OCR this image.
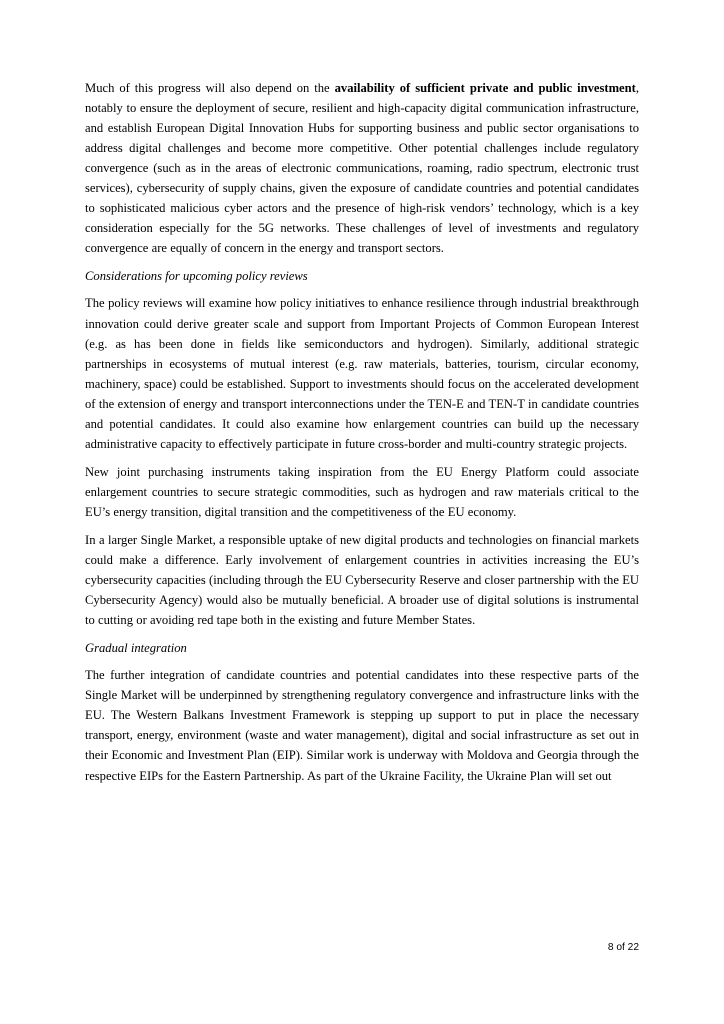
Much of this progress will also depend on the availability of sufficient private and public investment, notably to ensure the deployment of secure, resilient and high-capacity digital communication infrastructure, and establish European Digital Innovation Hubs for supporting business and public sector organisations to address digital challenges and become more competitive. Other potential challenges include regulatory convergence (such as in the areas of electronic communications, roaming, radio spectrum, electronic trust services), cybersecurity of supply chains, given the exposure of candidate countries and potential candidates to sophisticated malicious cyber actors and the presence of high-risk vendors’ technology, which is a key consideration especially for the 5G networks. These challenges of level of investments and regulatory convergence are equally of concern in the energy and transport sectors.

Considerations for upcoming policy reviews

The policy reviews will examine how policy initiatives to enhance resilience through industrial breakthrough innovation could derive greater scale and support from Important Projects of Common European Interest (e.g. as has been done in fields like semiconductors and hydrogen). Similarly, additional strategic partnerships in ecosystems of mutual interest (e.g. raw materials, batteries, tourism, circular economy, machinery, space) could be established. Support to investments should focus on the accelerated development of the extension of energy and transport interconnections under the TEN-E and TEN-T in candidate countries and potential candidates. It could also examine how enlargement countries can build up the necessary administrative capacity to effectively participate in future cross-border and multi-country strategic projects.

New joint purchasing instruments taking inspiration from the EU Energy Platform could associate enlargement countries to secure strategic commodities, such as hydrogen and raw materials critical to the EU’s energy transition, digital transition and the competitiveness of the EU economy.

In a larger Single Market, a responsible uptake of new digital products and technologies on financial markets could make a difference. Early involvement of enlargement countries in activities increasing the EU’s cybersecurity capacities (including through the EU Cybersecurity Reserve and closer partnership with the EU Cybersecurity Agency) would also be mutually beneficial. A broader use of digital solutions is instrumental to cutting or avoiding red tape both in the existing and future Member States.

Gradual integration

The further integration of candidate countries and potential candidates into these respective parts of the Single Market will be underpinned by strengthening regulatory convergence and infrastructure links with the EU. The Western Balkans Investment Framework is stepping up support to put in place the necessary transport, energy, environment (waste and water management), digital and social infrastructure as set out in their Economic and Investment Plan (EIP). Similar work is underway with Moldova and Georgia through the respective EIPs for the Eastern Partnership. As part of the Ukraine Facility, the Ukraine Plan will set out

8 of 22
